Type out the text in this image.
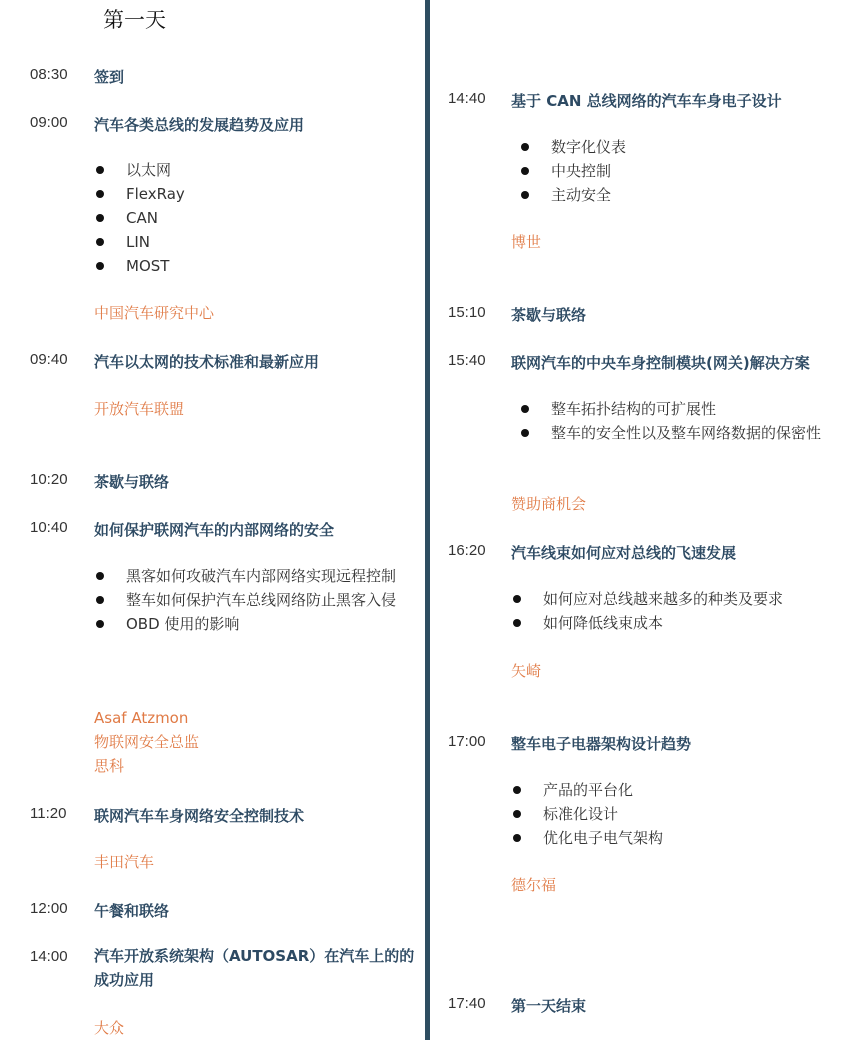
第一天
08:30 签到
09:00 汽车各类总线的发展趋势及应用
以太网
FlexRay
CAN
LIN
MOST
中国汽车研究中心
09:40 汽车以太网的技术标准和最新应用
开放汽车联盟
10:20 茶歇与联络
10:40 如何保护联网汽车的内部网络的安全
黑客如何攻破汽车内部网络实现远程控制
整车如何保护汽车总线网络防止黑客入侵
OBD 使用的影响
Asaf Atzmon
物联网安全总监
思科
11:20 联网汽车车身网络安全控制技术
丰田汽车
12:00 午餐和联络
14:00 汽车开放系统架构（AUTOSAR）在汽车上的的成功应用
大众
14:40 基于 CAN 总线网络的汽车车身电子设计
数字化仪表
中央控制
主动安全
博世
15:10 茶歇与联络
15:40 联网汽车的中央车身控制模块(网关)解决方案
整车拓扑结构的可扩展性
整车的安全性以及整车网络数据的保密性
赞助商机会
16:20 汽车线束如何应对总线的飞速发展
如何应对总线越来越多的种类及要求
如何降低线束成本
矢崎
17:00 整车电子电器架构设计趋势
产品的平台化
标准化设计
优化电子电气架构
德尔福
17:40 第一天结束
